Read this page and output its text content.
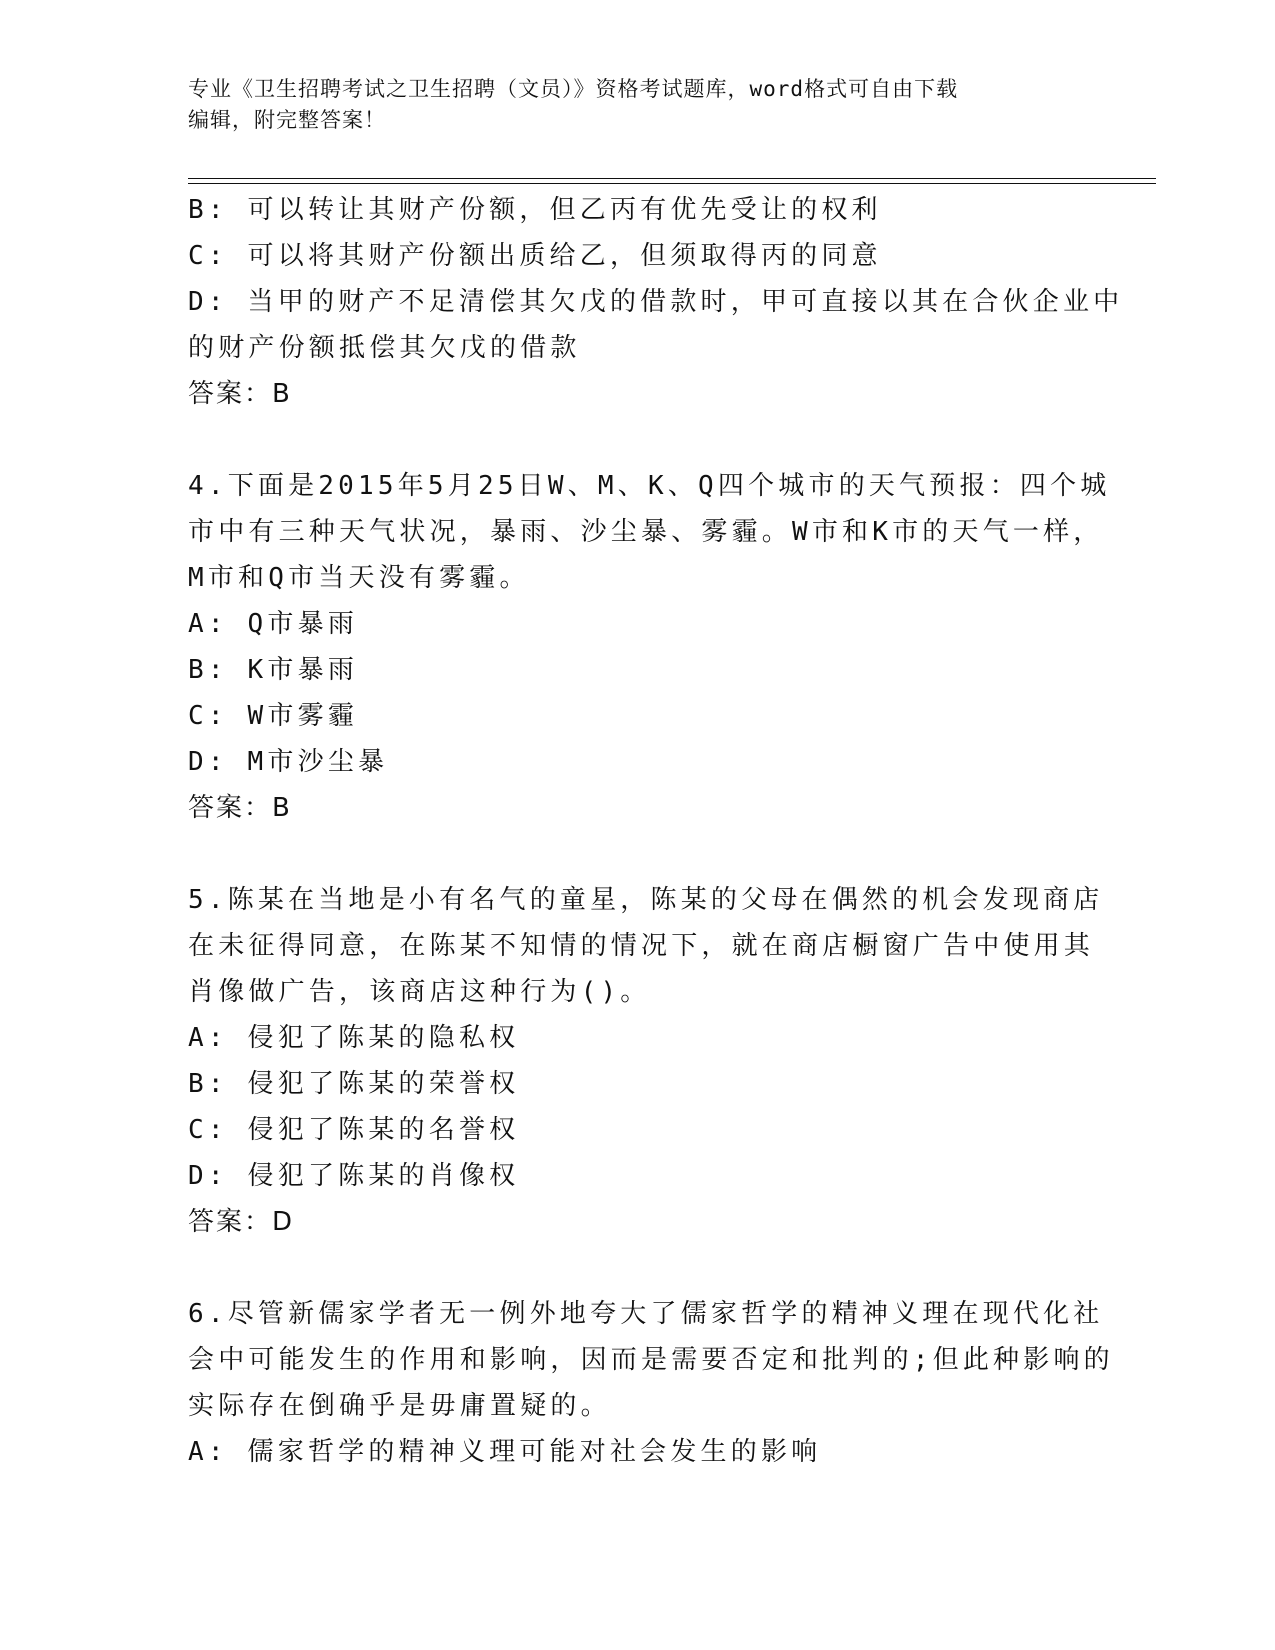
专业《卫生招聘考试之卫生招聘（文员）》资格考试题库，word格式可自由下载
编辑，附完整答案！
B: 可以转让其财产份额，但乙丙有优先受让的权利
C: 可以将其财产份额出质给乙，但须取得丙的同意
D: 当甲的财产不足清偿其欠戊的借款时，甲可直接以其在合伙企业中
的财产份额抵偿其欠戊的借款
答案：B
4.下面是2015年5月25日W、M、K、Q四个城市的天气预报：四个城
市中有三种天气状况，暴雨、沙尘暴、雾霾。W市和K市的天气一样，
M市和Q市当天没有雾霾。
A: Q市暴雨
B: K市暴雨
C: W市雾霾
D: M市沙尘暴
答案：B
5.陈某在当地是小有名气的童星，陈某的父母在偶然的机会发现商店
在未征得同意，在陈某不知情的情况下，就在商店橱窗广告中使用其
肖像做广告，该商店这种行为()。
A: 侵犯了陈某的隐私权
B: 侵犯了陈某的荣誉权
C: 侵犯了陈某的名誉权
D: 侵犯了陈某的肖像权
答案：D
6.尽管新儒家学者无一例外地夸大了儒家哲学的精神义理在现代化社
会中可能发生的作用和影响，因而是需要否定和批判的;但此种影响的
实际存在倒确乎是毋庸置疑的。
A: 儒家哲学的精神义理可能对社会发生的影响
